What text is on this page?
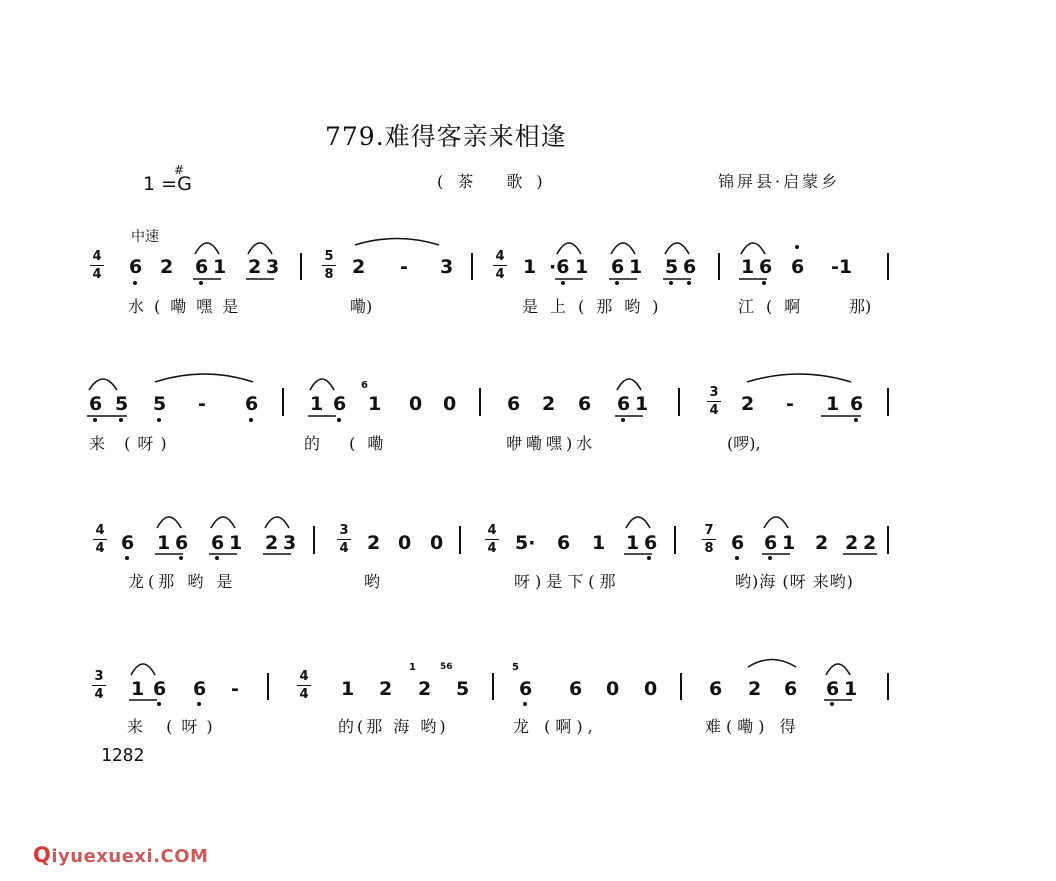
779.难得客亲来相逢
1 =
#
G	(茶 歌)	锦屏县·启蒙乡
中速
4
4
5
8
4
4
6 2 6 1 2 3	2 - 3	1 ·6 1 6 1 5 6 1 6 6 -1
水(嘞嘿是	嘞)	是上(那哟)	江(啊 那)
6 5 5 - 6	1 6
6
1 0 0	6 2 6 6 1
3
4 2 - 1 6
来 (呀)	的 (嘞	咿嘞嘿)水	(啰),
4
4 6 1 6 6 1 2 3
3
4 2 0 0
4
4 5· 6 1 1 6
7
8 6 6 1 2 2 2
龙(那 哟 是	哟	呀)是下(那	哟)海 (呀 来哟)
3
4 1 6 6 -
4
4 1 2
1
2
56
5
5
6 6 0 0	6 2 6 6 1
来 (呀)	的(那 海 哟)	龙 (啊),	难(嘞) 得
1282
Qiyuexuexi.COM
